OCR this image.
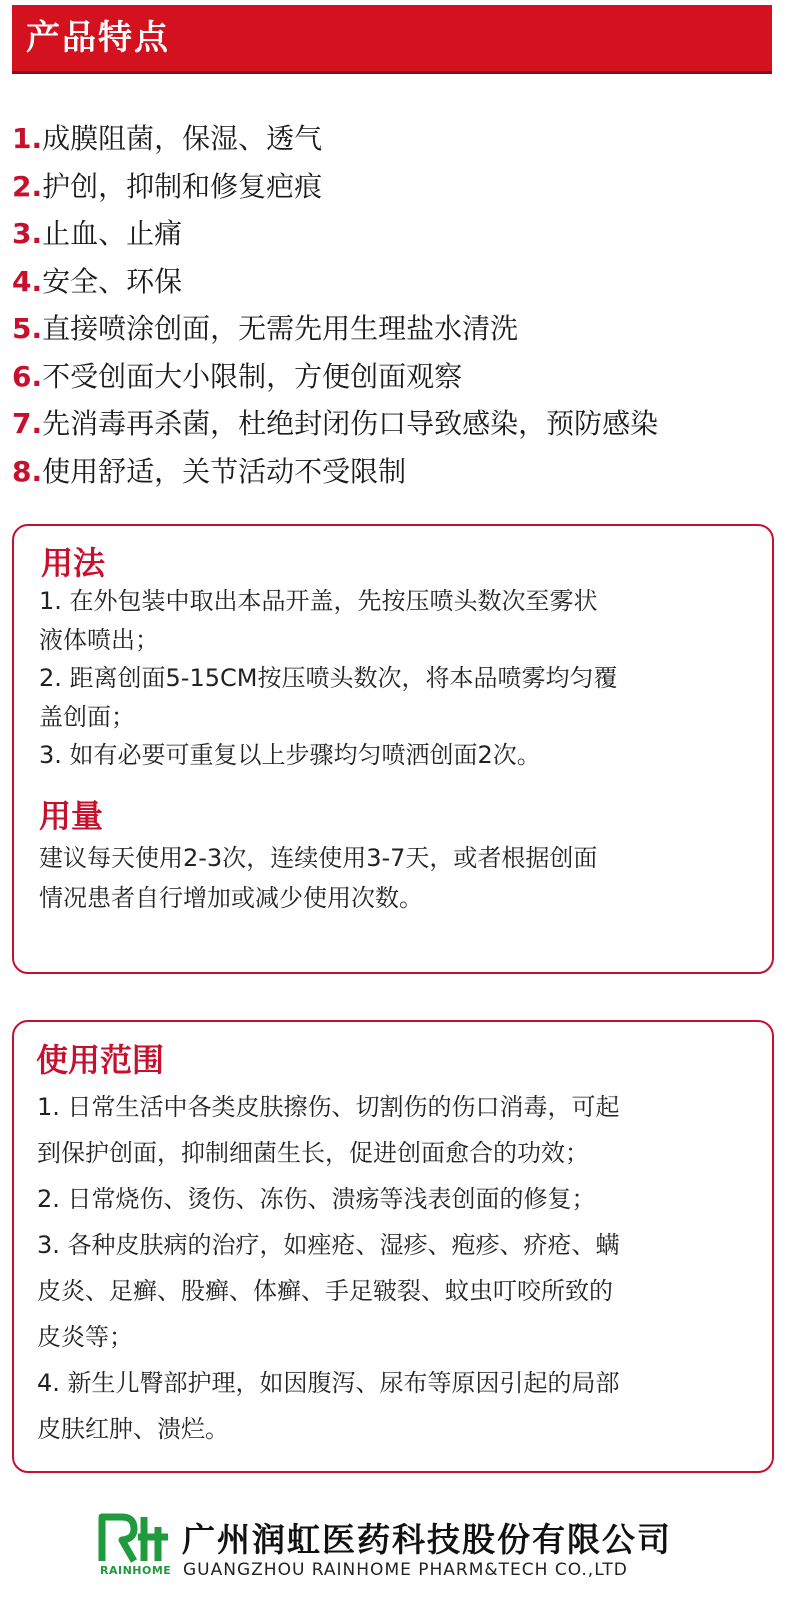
产品特点
1.成膜阻菌，保湿、透气
2.护创，抑制和修复疤痕
3.止血、止痛
4.安全、环保
5.直接喷涂创面，无需先用生理盐水清洗
6.不受创面大小限制，方便创面观察
7.先消毒再杀菌，杜绝封闭伤口导致感染，预防感染
8.使用舒适，关节活动不受限制
用法

1. 在外包装中取出本品开盖，先按压喷头数次至雾状

液体喷出；

2. 距离创面5-15CM按压喷头数次，将本品喷雾均匀覆

盖创面；

3. 如有必要可重复以上步骤均匀喷洒创面2次。

用量

建议每天使用2-3次，连续使用3-7天，或者根据创面

情况患者自行增加或减少使用次数。

使用范围

1. 日常生活中各类皮肤擦伤、切割伤的伤口消毒，可起

到保护创面，抑制细菌生长，促进创面愈合的功效；

2. 日常烧伤、烫伤、冻伤、溃疡等浅表创面的修复；

3. 各种皮肤病的治疗，如痤疮、湿疹、疱疹、疥疮、螨

皮炎、足癣、股癣、体癣、手足皲裂、蚊虫叮咬所致的

皮炎等；

4. 新生儿臀部护理，如因腹泻、尿布等原因引起的局部

皮肤红肿、溃烂。

RAINHOME
广州润虹医药科技股份有限公司
GUANGZHOU RAINHOME PHARM&TECH CO.,LTD
